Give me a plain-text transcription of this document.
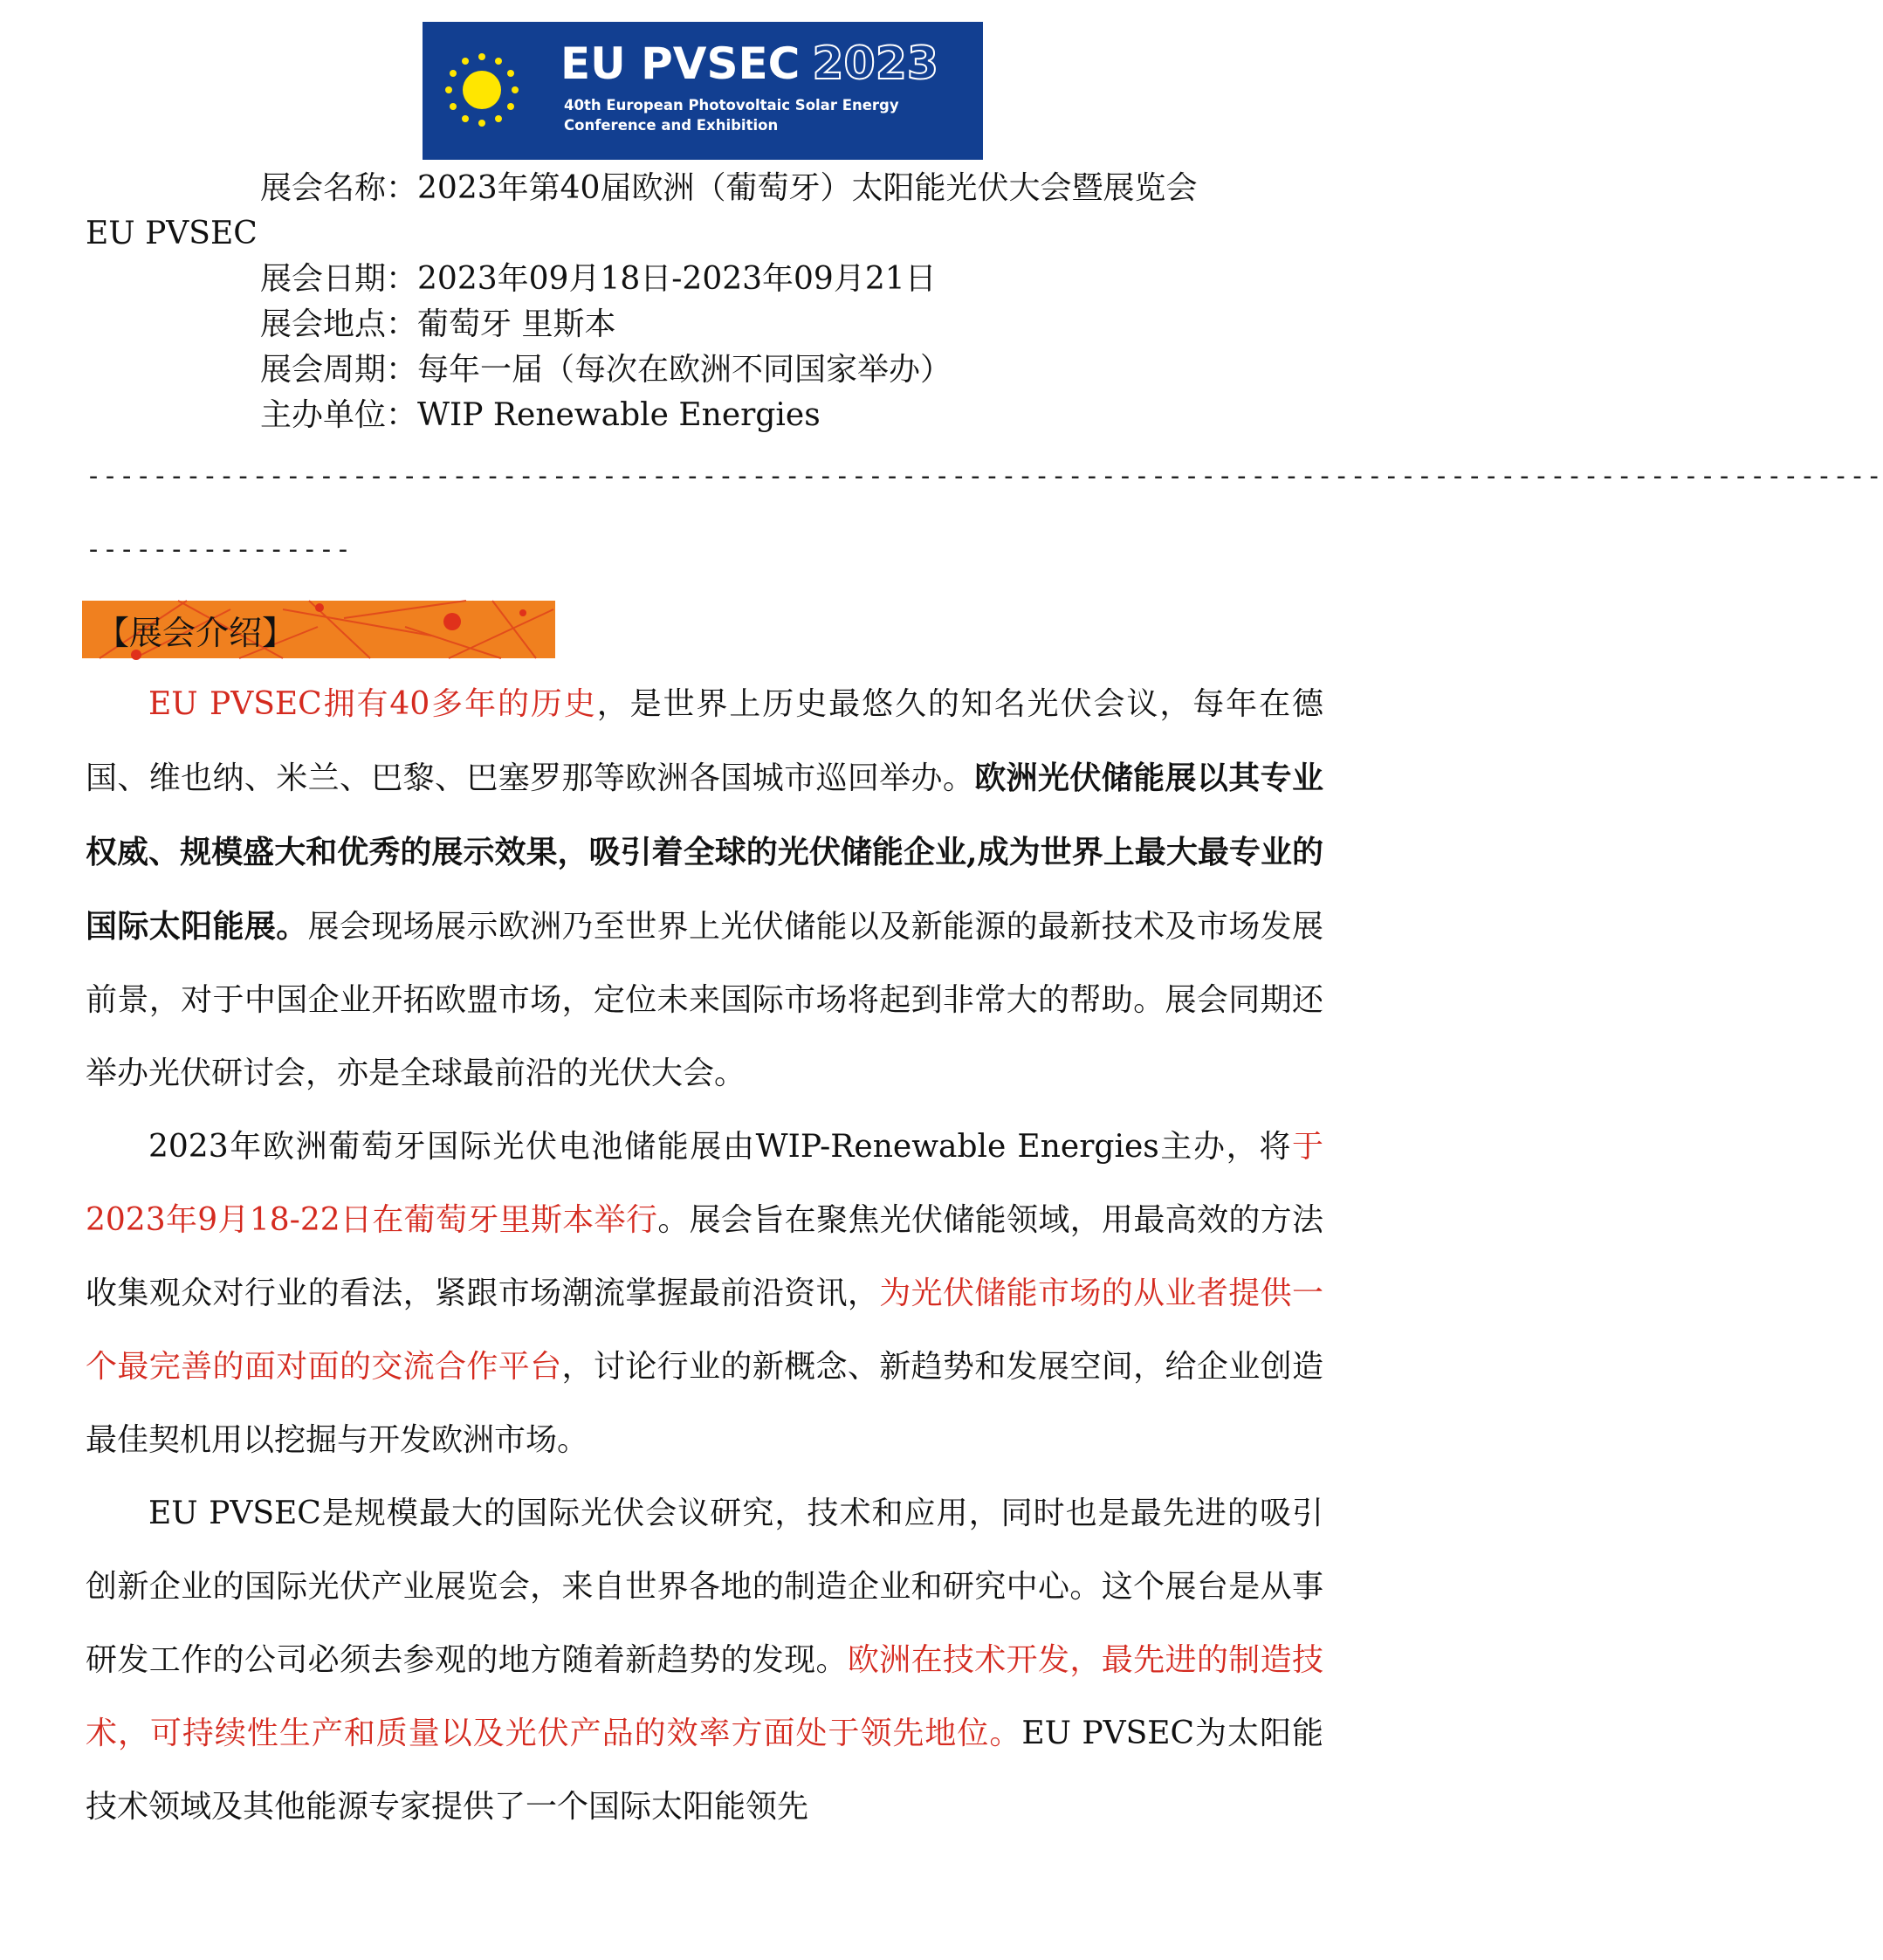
EU PVSEC 2023
40th European Photovoltaic Solar Energy
Conference and Exhibition
展会名称：2023年第40届欧洲（葡萄牙）太阳能光伏大会暨展览会
EU PVSEC
展会日期：2023年09月18日-2023年09月21日
展会地点：葡萄牙 里斯本
展会周期：每年一届（每次在欧洲不同国家举办）
主办单位：WIP Renewable Energies
------------------------------------------------------------------------------------------------------------
----------------
【展会介绍】

EU PVSEC拥有40多年的历史，是世界上历史最悠久的知名光伏会议，每年在德国、维也纳、米兰、巴黎、巴塞罗那等欧洲各国城市巡回举办。欧洲光伏储能展以其专业权威、规模盛大和优秀的展示效果，吸引着全球的光伏储能企业,成为世界上最大最专业的国际太阳能展。展会现场展示欧洲乃至世界上光伏储能以及新能源的最新技术及市场发展前景，对于中国企业开拓欧盟市场，定位未来国际市场将起到非常大的帮助。展会同期还举办光伏研讨会，亦是全球最前沿的光伏大会。

2023年欧洲葡萄牙国际光伏电池储能展由WIP-Renewable Energies主办，将于2023年9月18-22日在葡萄牙里斯本举行。展会旨在聚焦光伏储能领域，用最高效的方法收集观众对行业的看法，紧跟市场潮流掌握最前沿资讯，为光伏储能市场的从业者提供一个最完善的面对面的交流合作平台，讨论行业的新概念、新趋势和发展空间，给企业创造最佳契机用以挖掘与开发欧洲市场。

EU PVSEC是规模最大的国际光伏会议研究，技术和应用，同时也是最先进的吸引创新企业的国际光伏产业展览会，来自世界各地的制造企业和研究中心。这个展台是从事研发工作的公司必须去参观的地方随着新趋势的发现。欧洲在技术开发，最先进的制造技术，可持续性生产和质量以及光伏产品的效率方面处于领先地位。EU PVSEC为太阳能技术领域及其他能源专家提供了一个国际太阳能领先
